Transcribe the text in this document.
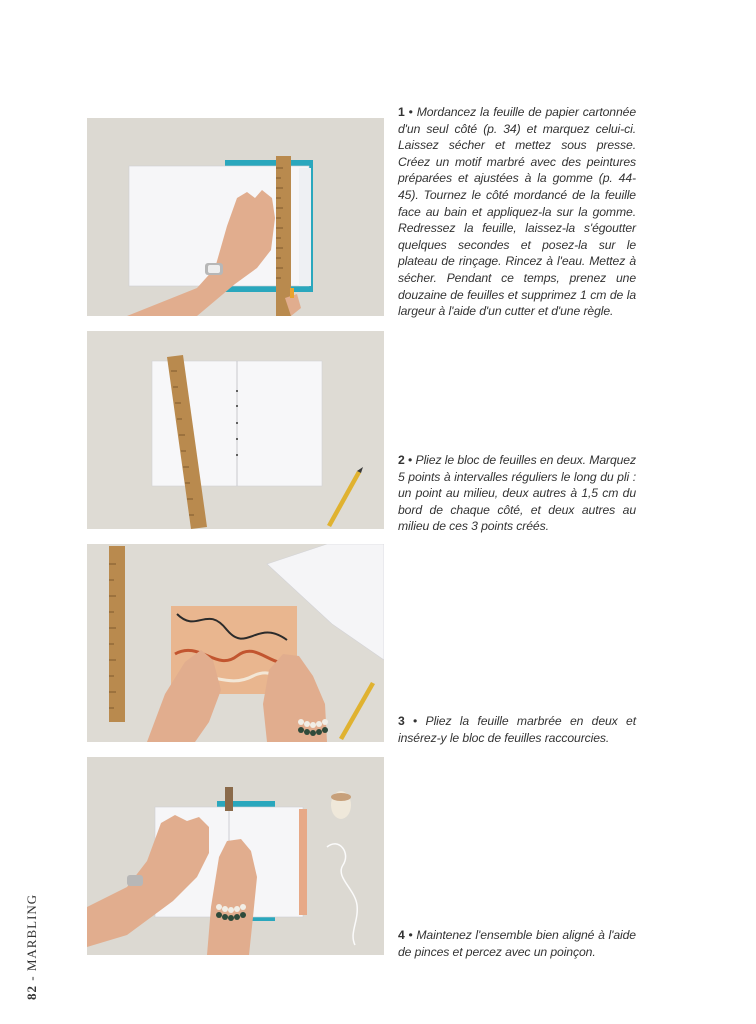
1 • Mordancez la feuille de papier cartonnée d'un seul côté (p. 34) et marquez celui-ci. Laissez sécher et mettez sous presse. Créez un motif marbré avec des peintures préparées et ajustées à la gomme (p. 44-45). Tournez le côté mordancé de la feuille face au bain et appliquez-la sur la gomme. Redressez la feuille, laissez-la s'égoutter quelques secondes et posez-la sur le plateau de rinçage. Rincez à l'eau. Mettez à sécher. Pendant ce temps, prenez une douzaine de feuilles et supprimez 1 cm de la largeur à l'aide d'un cutter et d'une règle.
2 • Pliez le bloc de feuilles en deux. Marquez 5 points à intervalles réguliers le long du pli : un point au milieu, deux autres à 1,5 cm du bord de chaque côté, et deux autres au milieu de ces 3 points créés.
3 • Pliez la feuille marbrée en deux et insérez-y le bloc de feuilles raccourcies.
4 • Maintenez l'ensemble bien aligné à l'aide de pinces et percez avec un poinçon.
82 - MARBLING
